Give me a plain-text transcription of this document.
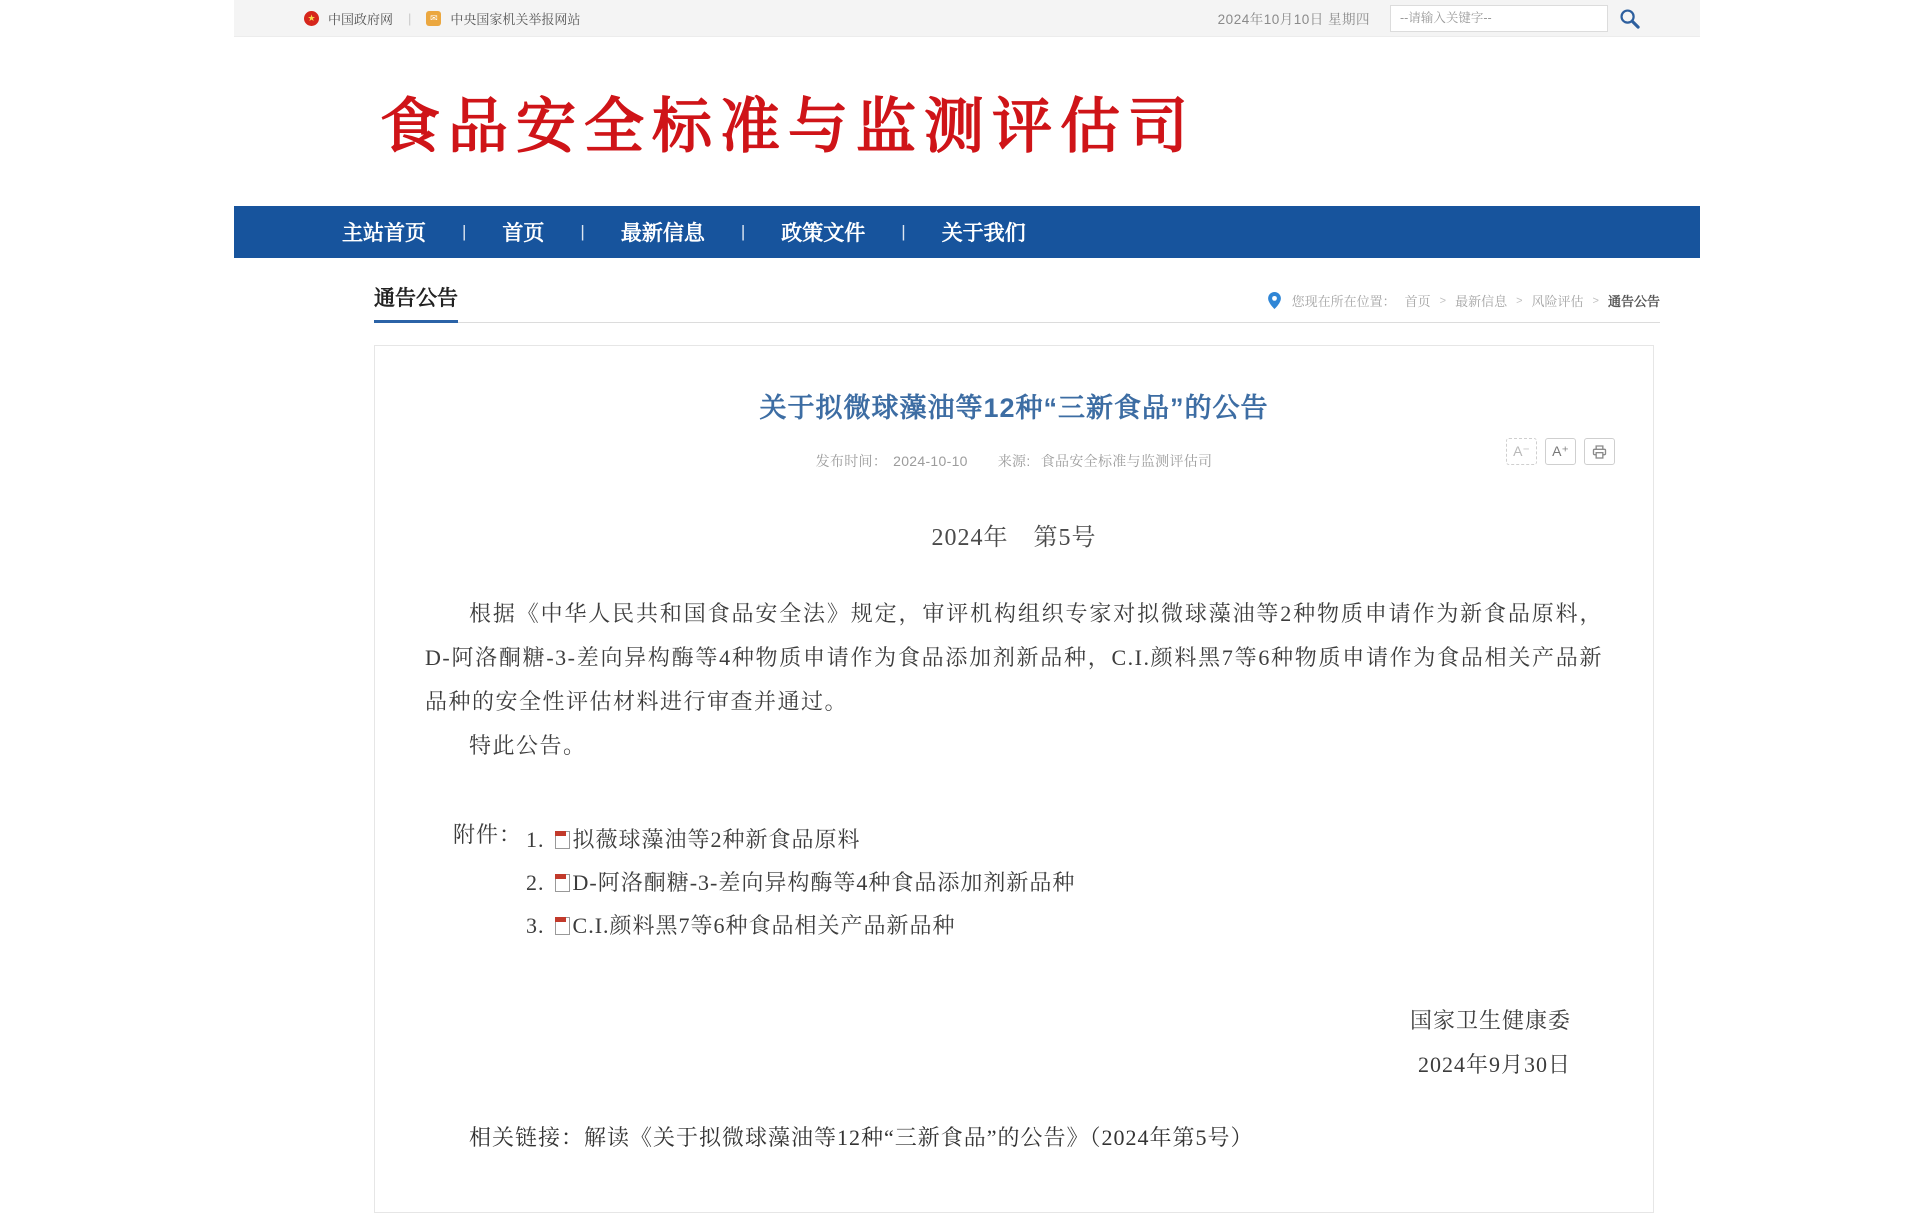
★
中国政府网 | ✉	中央国家机关举报网站	2024年10月10日 星期四
--请输入关键字--
食品安全标准与监测评估司
主站首页	|	首页	|	最新信息	|	政策文件	|	关于我们
通告公告	您现在所在位置： 首页 > 最新信息 > 风险评估 > 通告公告
关于拟微球藻油等12种“三新食品”的公告
发布时间： 2024-10-10 来源: 食品安全标准与监测评估司
A⁻	A⁺
2024年　第5号

根据《中华人民共和国食品安全法》规定，审评机构组织专家对拟微球藻油等2种物质申请作为新食品原料，D-阿洛酮糖-3-差向异构酶等4种物质申请作为食品添加剂新品种，C.I.颜料黑7等6种物质申请作为食品相关产品新品种的安全性评估材料进行审查并通过。

特此公告。

附件： 1. 拟薇球藻油等2种新食品原料
2. D-阿洛酮糖-3-差向异构酶等4种食品添加剂新品种
3. C.I.颜料黑7等6种食品相关产品新品种
国家卫生健康委
2024年9月30日
相关链接：解读《关于拟微球藻油等12种“三新食品”的公告》（2024年第5号）
